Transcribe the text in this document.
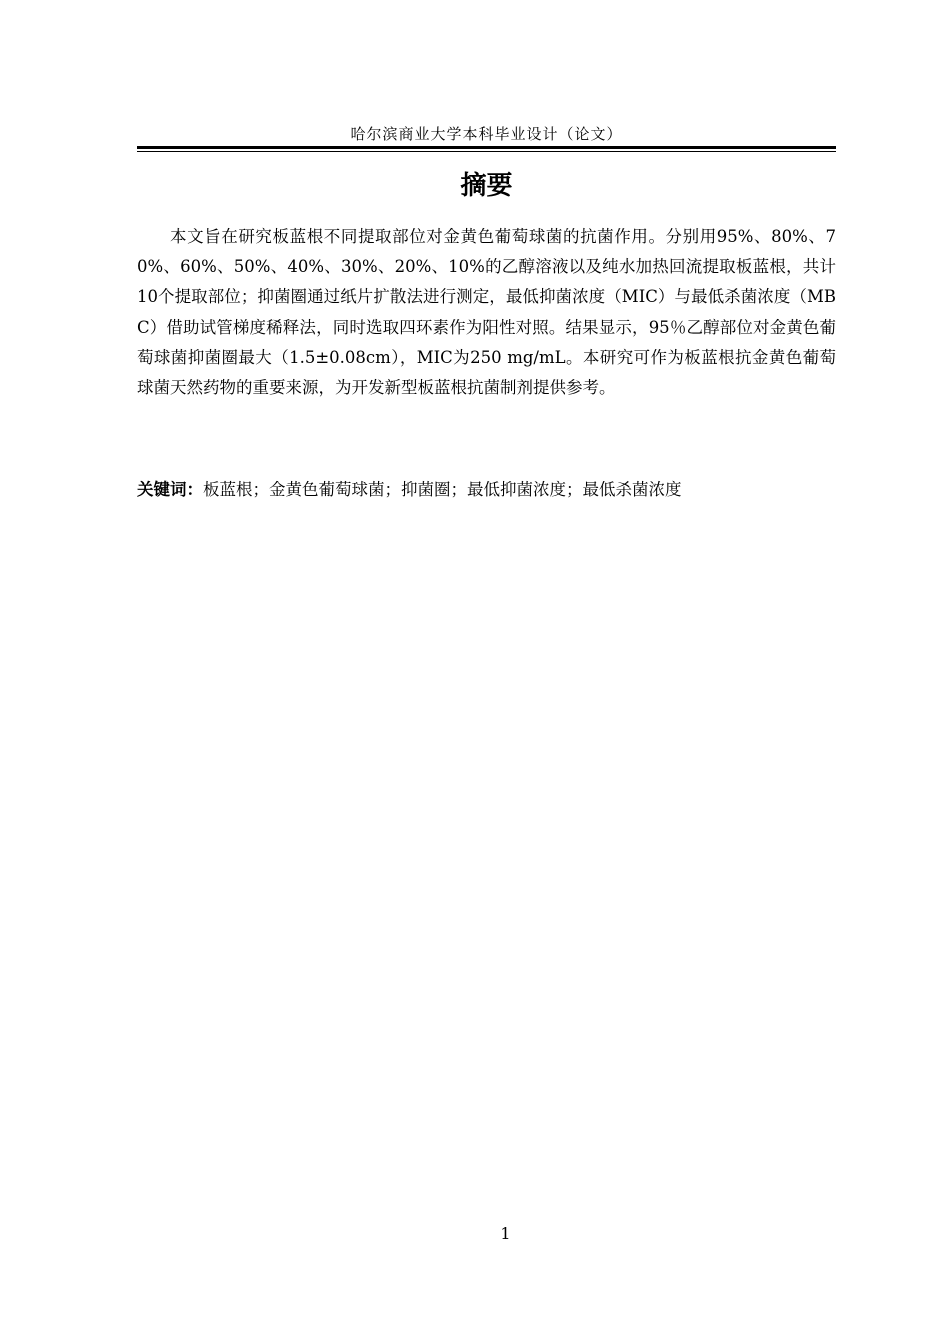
哈尔滨商业大学本科毕业设计（论文）
摘要

本文旨在研究板蓝根不同提取部位对金黄色葡萄球菌的抗菌作用。分别用95%、80%、70%、60%、50%、40%、30%、20%、10%的乙醇溶液以及纯水加热回流提取板蓝根，共计10个提取部位；抑菌圈通过纸片扩散法进行测定，最低抑菌浓度（MIC）与最低杀菌浓度（MBC）借助试管梯度稀释法，同时选取四环素作为阳性对照。结果显示，95％乙醇部位对金黄色葡萄球菌抑菌圈最大（1.5±0.08cm），MIC为250 mg/mL。本研究可作为板蓝根抗金黄色葡萄球菌天然药物的重要来源，为开发新型板蓝根抗菌制剂提供参考。

关键词：板蓝根；金黄色葡萄球菌；抑菌圈；最低抑菌浓度；最低杀菌浓度
1
